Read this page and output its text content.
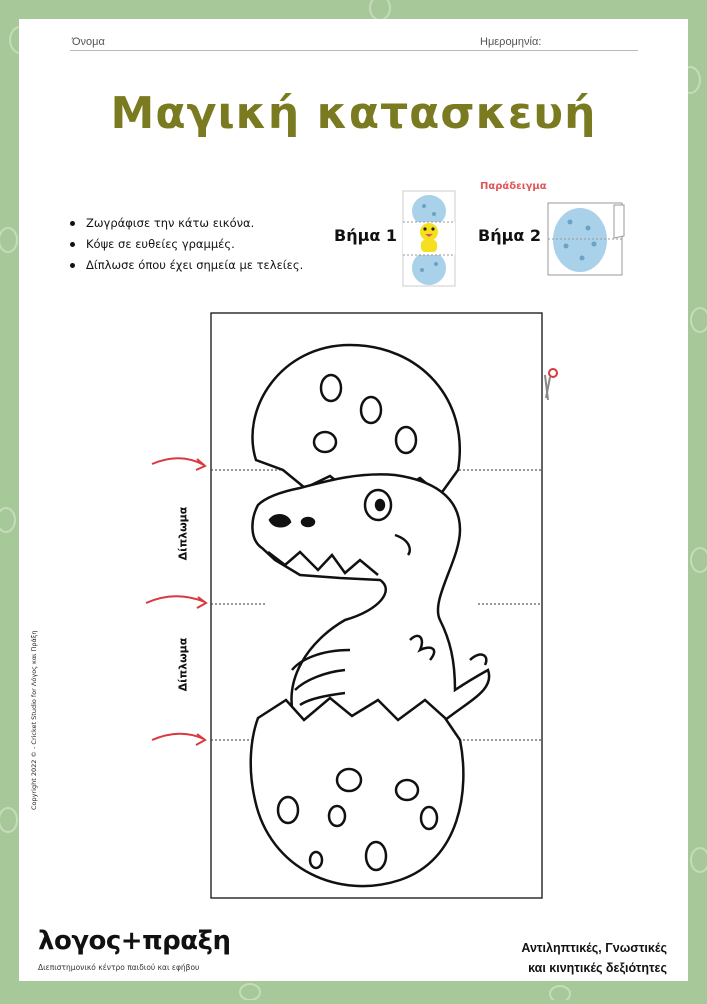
Όνομα	Ημερομηνία:
Μαγική κατασκευή
Ζωγράφισε την κάτω εικόνα.
Κόψε σε ευθείες γραμμές.
Δίπλωσε όπου έχει σημεία με τελείες.
Παράδειγμα
Βήμα 1	Βήμα 2
Δίπλωμα
Δίπλωμα
Copyright 2022 © - Cricket Studio for Λόγος και Πράξη
λογος+πραξη
Διεπιστημονικό κέντρο παιδιού και εφήβου
Αντιληπτικές, Γνωστικές
και κινητικές δεξιότητες
